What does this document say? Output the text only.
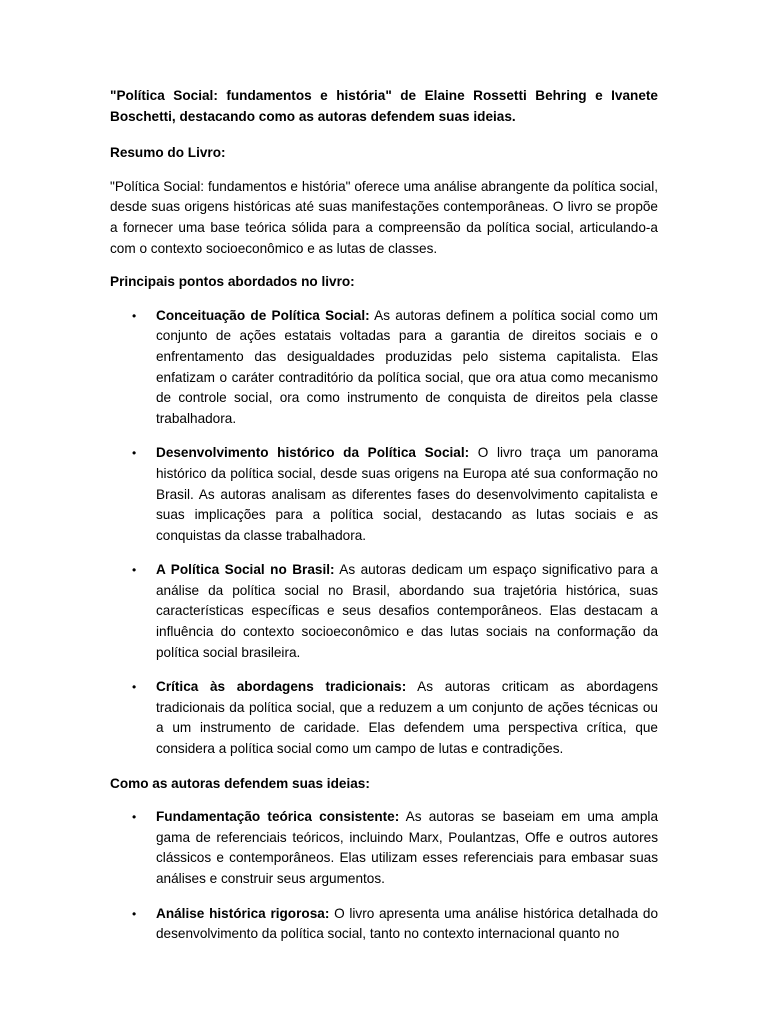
"Política Social: fundamentos e história" de Elaine Rossetti Behring e Ivanete Boschetti, destacando como as autoras defendem suas ideias.

Resumo do Livro:

"Política Social: fundamentos e história" oferece uma análise abrangente da política social, desde suas origens históricas até suas manifestações contemporâneas. O livro se propõe a fornecer uma base teórica sólida para a compreensão da política social, articulando-a com o contexto socioeconômico e as lutas de classes.

Principais pontos abordados no livro:

• Conceituação de Política Social: As autoras definem a política social como um conjunto de ações estatais voltadas para a garantia de direitos sociais e o enfrentamento das desigualdades produzidas pelo sistema capitalista. Elas enfatizam o caráter contraditório da política social, que ora atua como mecanismo de controle social, ora como instrumento de conquista de direitos pela classe trabalhadora.
• Desenvolvimento histórico da Política Social: O livro traça um panorama histórico da política social, desde suas origens na Europa até sua conformação no Brasil. As autoras analisam as diferentes fases do desenvolvimento capitalista e suas implicações para a política social, destacando as lutas sociais e as conquistas da classe trabalhadora.
• A Política Social no Brasil: As autoras dedicam um espaço significativo para a análise da política social no Brasil, abordando sua trajetória histórica, suas características específicas e seus desafios contemporâneos. Elas destacam a influência do contexto socioeconômico e das lutas sociais na conformação da política social brasileira.
• Crítica às abordagens tradicionais: As autoras criticam as abordagens tradicionais da política social, que a reduzem a um conjunto de ações técnicas ou a um instrumento de caridade. Elas defendem uma perspectiva crítica, que considera a política social como um campo de lutas e contradições.

Como as autoras defendem suas ideias:

• Fundamentação teórica consistente: As autoras se baseiam em uma ampla gama de referenciais teóricos, incluindo Marx, Poulantzas, Offe e outros autores clássicos e contemporâneos. Elas utilizam esses referenciais para embasar suas análises e construir seus argumentos.
• Análise histórica rigorosa: O livro apresenta uma análise histórica detalhada do desenvolvimento da política social, tanto no contexto internacional quanto no
